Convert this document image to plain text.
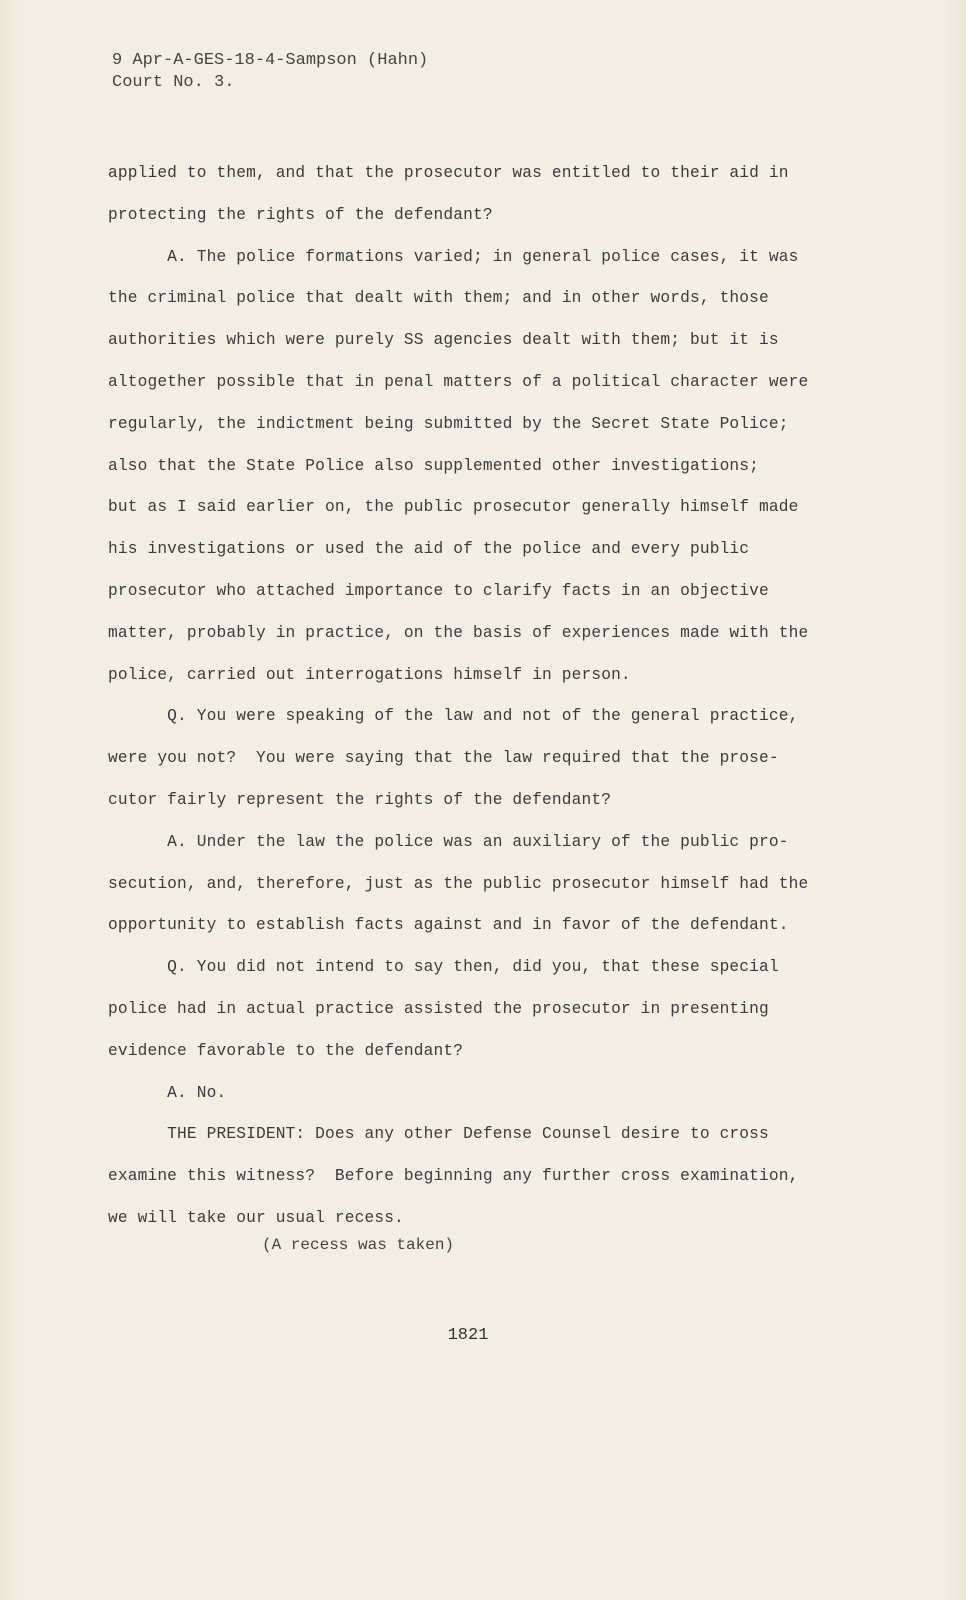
9 Apr-A-GES-18-4-Sampson (Hahn)
Court No. 3.
applied to them, and that the prosecutor was entitled to their aid in
protecting the rights of the defendant?
A. The police formations varied; in general police cases, it was
the criminal police that dealt with them; and in other words, those
authorities which were purely SS agencies dealt with them; but it is
altogether possible that in penal matters of a political character were
regularly, the indictment being submitted by the Secret State Police;
also that the State Police also supplemented other investigations;
but as I said earlier on, the public prosecutor generally himself made
his investigations or used the aid of the police and every public
prosecutor who attached importance to clarify facts in an objective
matter, probably in practice, on the basis of experiences made with the
police, carried out interrogations himself in person.
Q. You were speaking of the law and not of the general practice,
were you not?  You were saying that the law required that the prose-
cutor fairly represent the rights of the defendant?
A. Under the law the police was an auxiliary of the public pro-
secution, and, therefore, just as the public prosecutor himself had the
opportunity to establish facts against and in favor of the defendant.
Q. You did not intend to say then, did you, that these special
police had in actual practice assisted the prosecutor in presenting
evidence favorable to the defendant?
A. No.
THE PRESIDENT: Does any other Defense Counsel desire to cross
examine this witness?  Before beginning any further cross examination,
we will take our usual recess.
(A recess was taken)
1821
